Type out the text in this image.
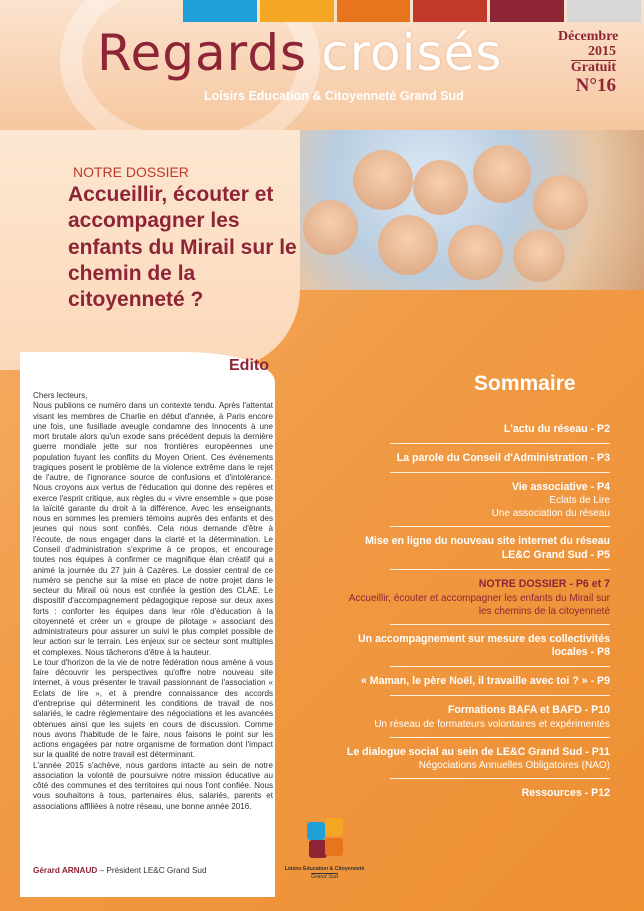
Regards croisés
Loisirs Education & Citoyenneté Grand Sud
Décembre 2015
Gratuit
N°16
NOTRE DOSSIER
Accueillir, écouter et accompagner les enfants du Mirail sur le chemin de la citoyenneté ?
Edito

Chers lecteurs,

Nous publions ce numéro dans un contexte tendu. Après l'attentat visant les membres de Charlie en début d'année, à Paris encore une fois, une fusillade aveugle condamne des Innocents à une mort brutale alors qu'un exode sans précédent depuis la dernière guerre mondiale jette sur nos frontières européennes une population fuyant les conflits du Moyen Orient. Ces événements tragiques posent le problème de la violence extrême dans le rejet de l'autre, de l'ignorance source de confusions et d'intolérance. Nous croyons aux vertus de l'éducation qui donne des repères et exerce l'esprit critique, aux règles du « vivre ensemble » que pose la laïcité garante du droit à la différence. Avec les enseignants, nous en sommes les premiers témoins auprès des enfants et des jeunes qui nous sont confiés. Cela nous demande d'être à l'écoute, de nous engager dans la clarté et la détermination. Le Conseil d'administration s'exprime à ce propos, et encourage toutes nos équipes à confirmer ce magnifique élan créatif qui a animé la journée du 27 juin à Cazères. Le dossier central de ce numéro se penche sur la mise en place de notre projet dans le secteur du Mirail où nous est confiée la gestion des CLAE. Le dispositif d'accompagnement pédagogique repose sur deux axes forts : conforter les équipes dans leur rôle d'éducation à la citoyenneté et créer un « groupe de pilotage » associant des administrateurs pour assurer un suivi le plus complet possible de leur action sur le terrain. Les enjeux sur ce secteur sont multiples et complexes. Nous tâcherons d'être à la hauteur.

Le tour d'horizon de la vie de notre fédération nous amène à vous faire découvrir les perspectives qu'offre notre nouveau site internet, à vous présenter le travail passionnant de l'association « Eclats de lire », et à prendre connaissance des accords d'entreprise qui déterminent les conditions de travail de nos salariés, le cadre réglementaire des négociations et les avancées obtenues ainsi que les sujets en cours de discussion. Comme nous avons l'habitude de le faire, nous faisons le point sur les actions engagées par notre organisme de formation dont l'impact sur la qualité de notre travail est déterminant.

L'année 2015 s'achève, nous gardons intacte au sein de notre association la volonté de poursuivre notre mission éducative au côté des communes et des territoires qui nous l'ont confiée. Nous vous souhaitons à tous, partenaires élus, salariés, parents et associations affiliées à notre réseau, une bonne année 2016.

Gérard ARNAUD – Président LE&C Grand Sud	Loisirs Education & Citoyenneté
Grand Sud
Sommaire
L'actu du réseau - P2
La parole du Conseil d'Administration - P3
Vie associative - P4
Eclats de Lire
Une association du réseau
Mise en ligne du nouveau site internet du réseau LE&C Grand Sud - P5
NOTRE DOSSIER - P6 et 7
Accueillir, écouter et accompagner les enfants du Mirail sur les chemins de la citoyenneté
Un accompagnement sur mesure des collectivités locales - P8
« Maman, le père Noël, il travaille avec toi ? » - P9
Formations BAFA et BAFD - P10
Un réseau de formateurs volontaires et expérimentés
Le dialogue social au sein de LE&C Grand Sud - P11
Négociations Annuelles Obligatoires (NAO)
Ressources - P12
